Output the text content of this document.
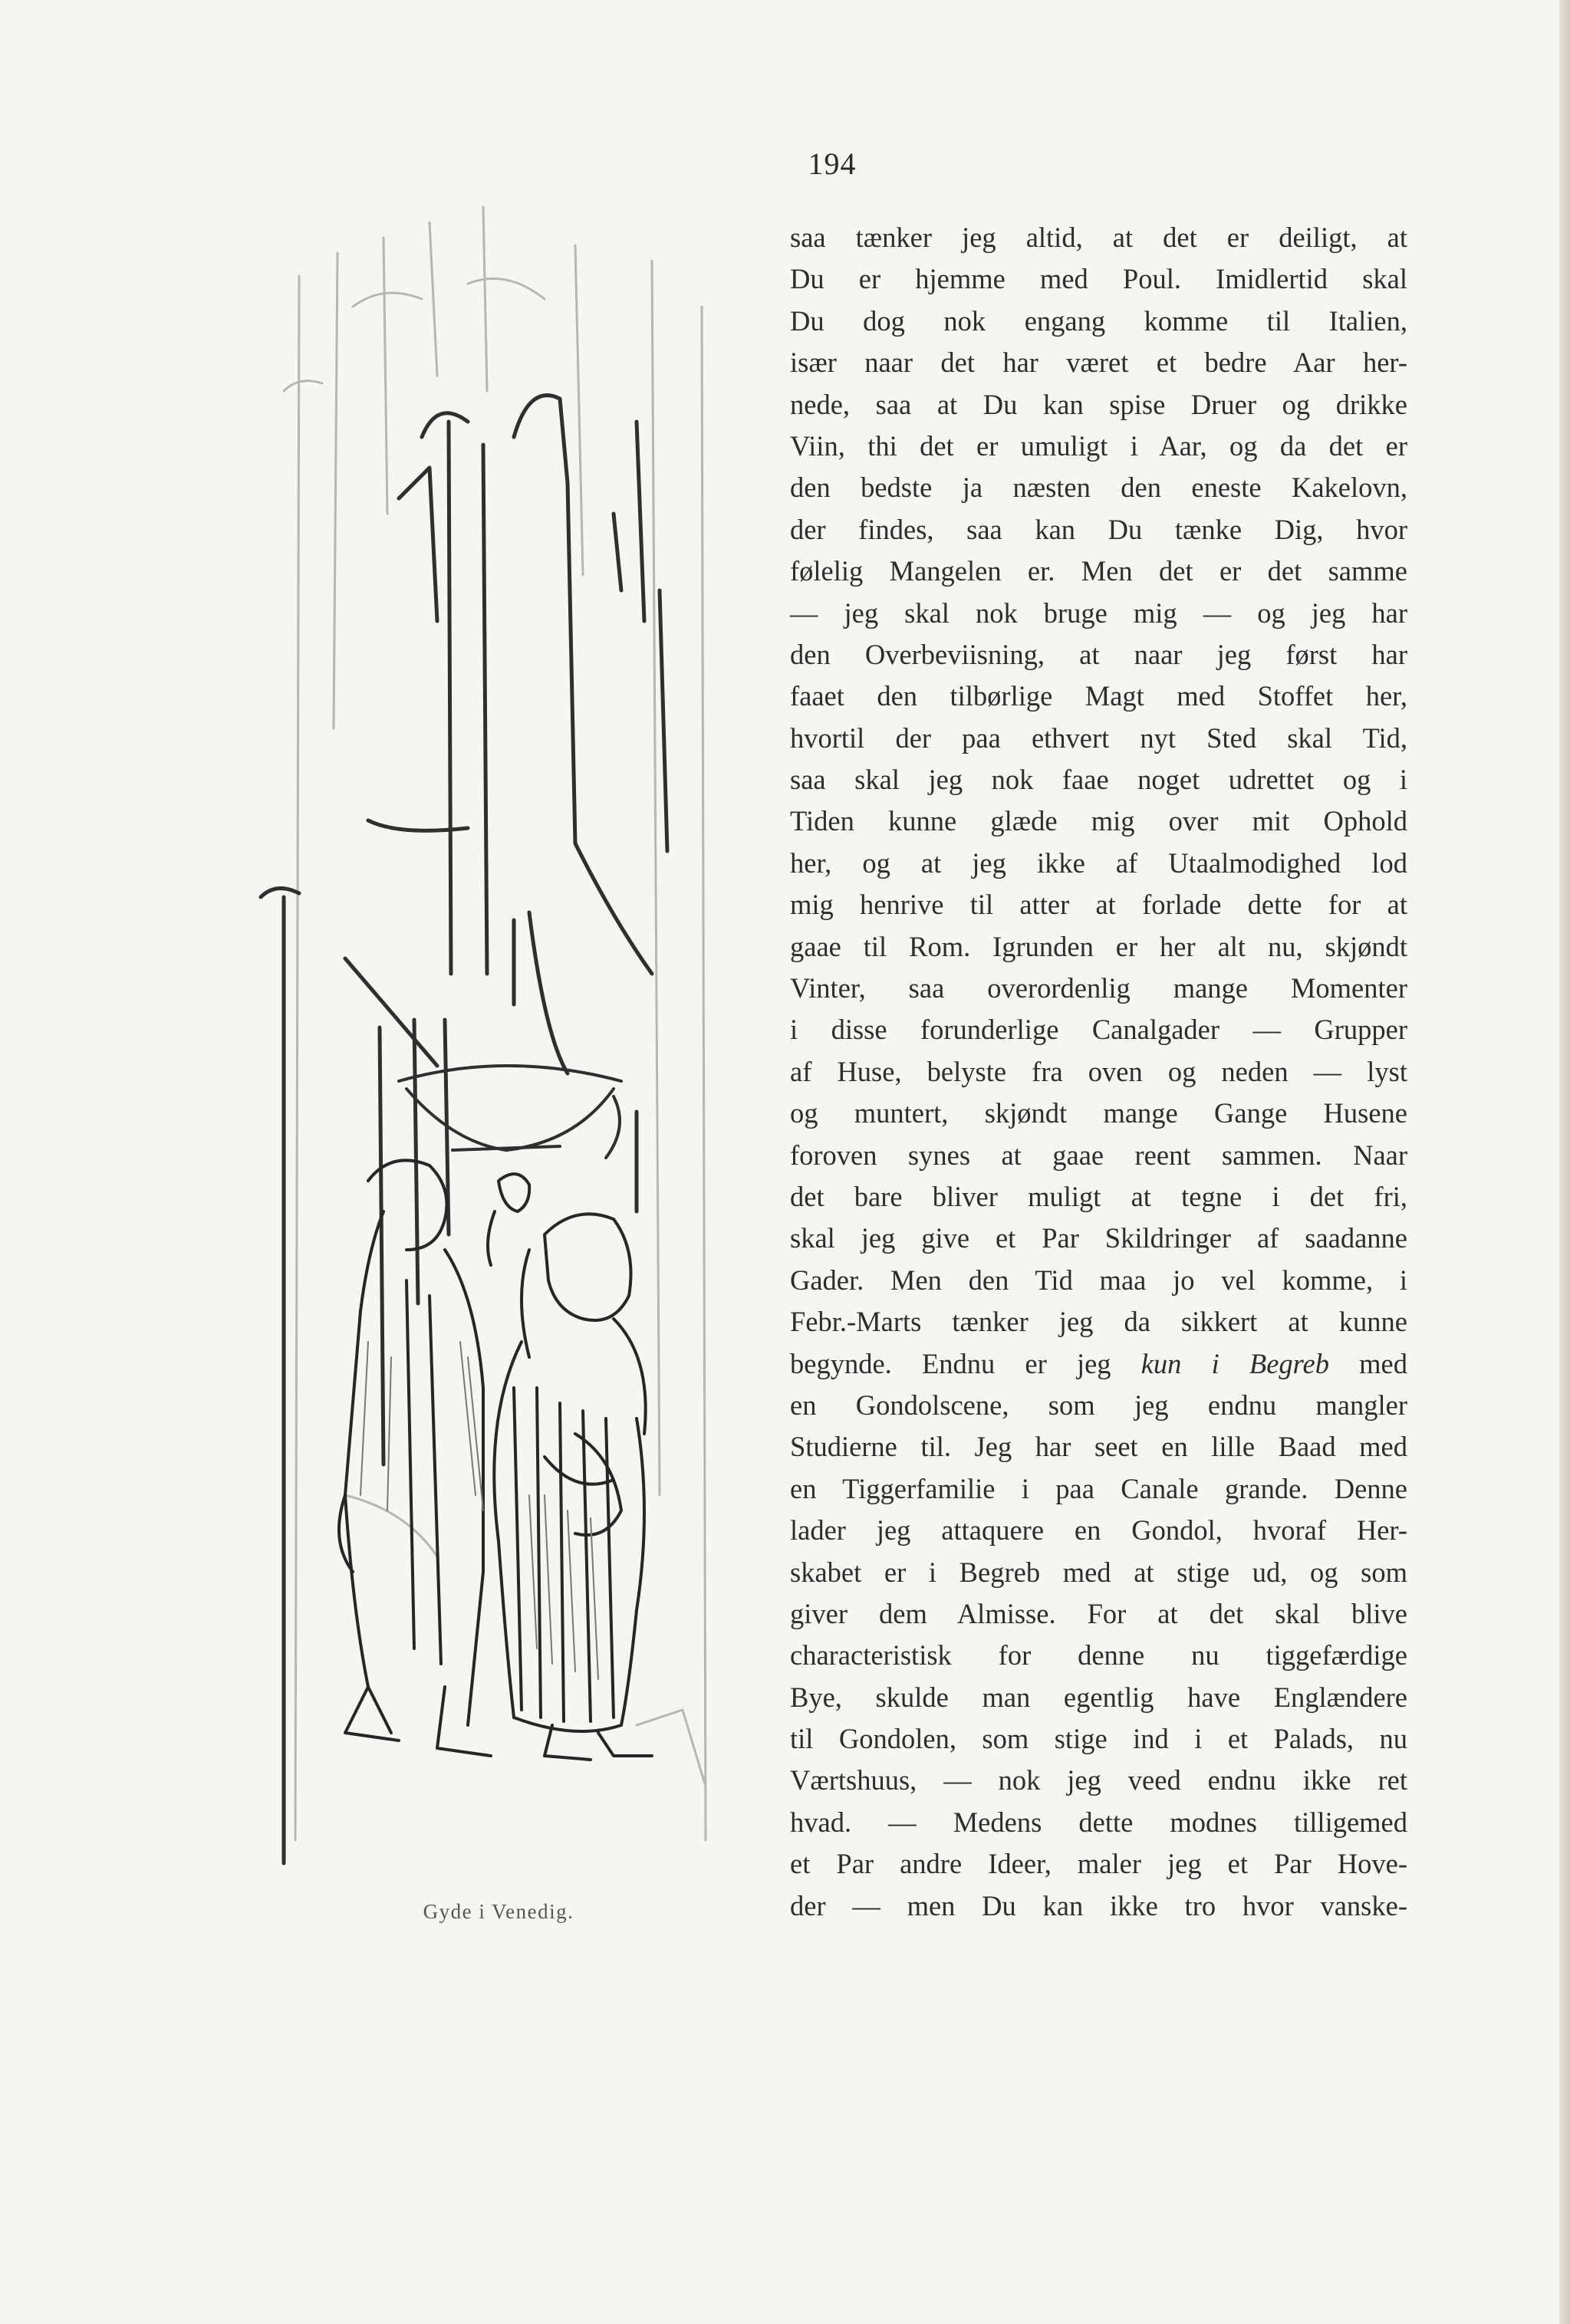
194
Gyde i Venedig.
saa tænker jeg altid, at det er deiligt, at
Du er hjemme med Poul. Imidlertid skal
Du dog nok engang komme til Italien,
især naar det har været et bedre Aar her-
nede, saa at Du kan spise Druer og drikke
Viin, thi det er umuligt i Aar, og da det er
den bedste ja næsten den eneste Kakelovn,
der findes, saa kan Du tænke Dig, hvor
følelig Mangelen er. Men det er det samme
— jeg skal nok bruge mig — og jeg har
den Overbeviisning, at naar jeg først har
faaet den tilbørlige Magt med Stoffet her,
hvortil der paa ethvert nyt Sted skal Tid,
saa skal jeg nok faae noget udrettet og i
Tiden kunne glæde mig over mit Ophold
her, og at jeg ikke af Utaalmodighed lod
mig henrive til atter at forlade dette for at
gaae til Rom. Igrunden er her alt nu, skjøndt
Vinter, saa overordenlig mange Momenter
i disse forunderlige Canalgader — Grupper
af Huse, belyste fra oven og neden — lyst
og muntert, skjøndt mange Gange Husene
foroven synes at gaae reent sammen. Naar
det bare bliver muligt at tegne i det fri,
skal jeg give et Par Skildringer af saadanne
Gader. Men den Tid maa jo vel komme, i
Febr.-Marts tænker jeg da sikkert at kunne
begynde. Endnu er jeg kun i Begreb med
en Gondolscene, som jeg endnu mangler
Studierne til. Jeg har seet en lille Baad med
en Tiggerfamilie i paa Canale grande. Denne
lader jeg attaquere en Gondol, hvoraf Her-
skabet er i Begreb med at stige ud, og som
giver dem Almisse. For at det skal blive
characteristisk for denne nu tiggefærdige
Bye, skulde man egentlig have Englændere
til Gondolen, som stige ind i et Palads, nu
Værtshuus, — nok jeg veed endnu ikke ret
hvad. — Medens dette modnes tilligemed
et Par andre Ideer, maler jeg et Par Hove-
der — men Du kan ikke tro hvor vanske-
